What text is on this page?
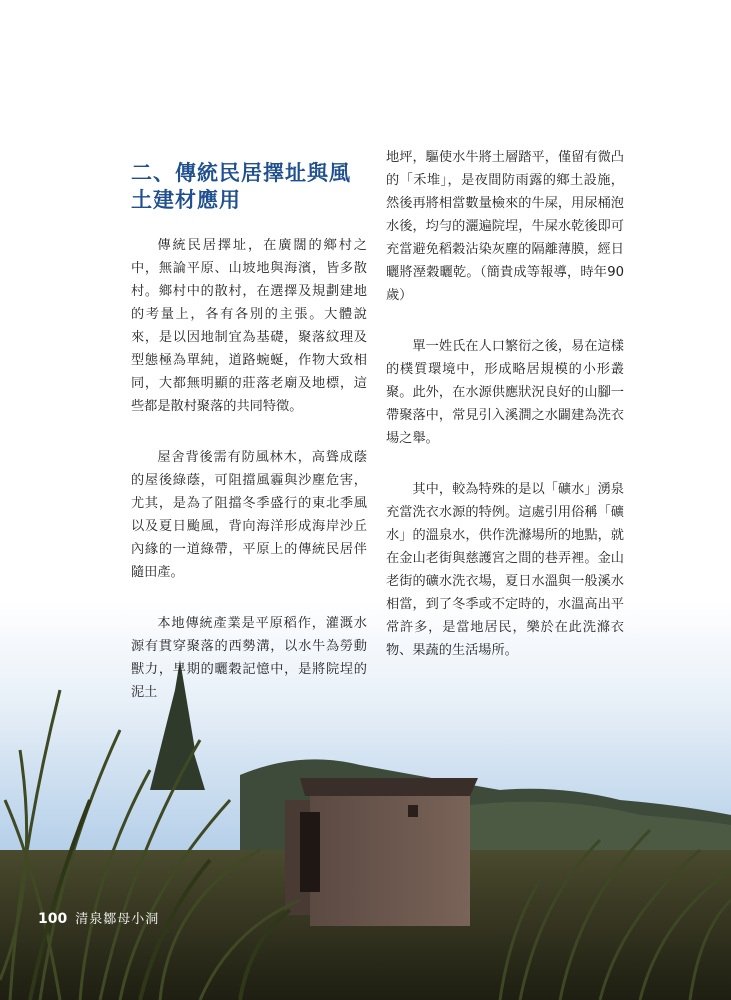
二、傳統民居擇址與風土建材應用

傳統民居擇址，在廣闊的鄉村之中，無論平原、山坡地與海濱，皆多散村。鄉村中的散村，在選擇及規劃建地的考量上，各有各別的主張。大體說來，是以因地制宜為基礎，聚落紋理及型態極為單純，道路蜿蜒，作物大致相同，大都無明顯的莊落老廟及地標，這些都是散村聚落的共同特徵。

屋舍背後需有防風林木，高聳成蔭的屋後綠蔭，可阻擋風霾與沙塵危害，尤其，是為了阻擋冬季盛行的東北季風以及夏日颱風，背向海洋形成海岸沙丘內緣的一道綠帶，平原上的傳統民居伴隨田產。

本地傳統產業是平原稻作，灌溉水源有貫穿聚落的西勢溝，以水牛為勞動獸力，早期的曬穀記憶中，是將院埕的泥土

地坪，驅使水牛將土層踏平，僅留有微凸的「禾堆」，是夜間防雨露的鄉土設施，然後再將相當數量檢來的牛屎，用尿桶泡水後，均勻的灑遍院埕，牛屎水乾後即可充當避免稻穀沾染灰塵的隔離薄膜，經日曬將溼穀曬乾。（簡貴成等報導，時年90歲）

單一姓氏在人口繁衍之後，易在這樣的樸質環境中，形成略居規模的小形叢聚。此外，在水源供應狀況良好的山腳一帶聚落中，常見引入溪澗之水闢建為洗衣場之舉。

其中，較為特殊的是以「礦水」湧泉充當洗衣水源的特例。這處引用俗稱「礦水」的溫泉水，供作洗滌場所的地點，就在金山老街與慈護宮之間的巷弄裡。金山老街的礦水洗衣場，夏日水溫與一般溪水相當，到了冬季或不定時的，水溫高出平常許多，是當地居民，樂於在此洗滌衣物、果蔬的生活場所。

100 清泉鄒母小洞
